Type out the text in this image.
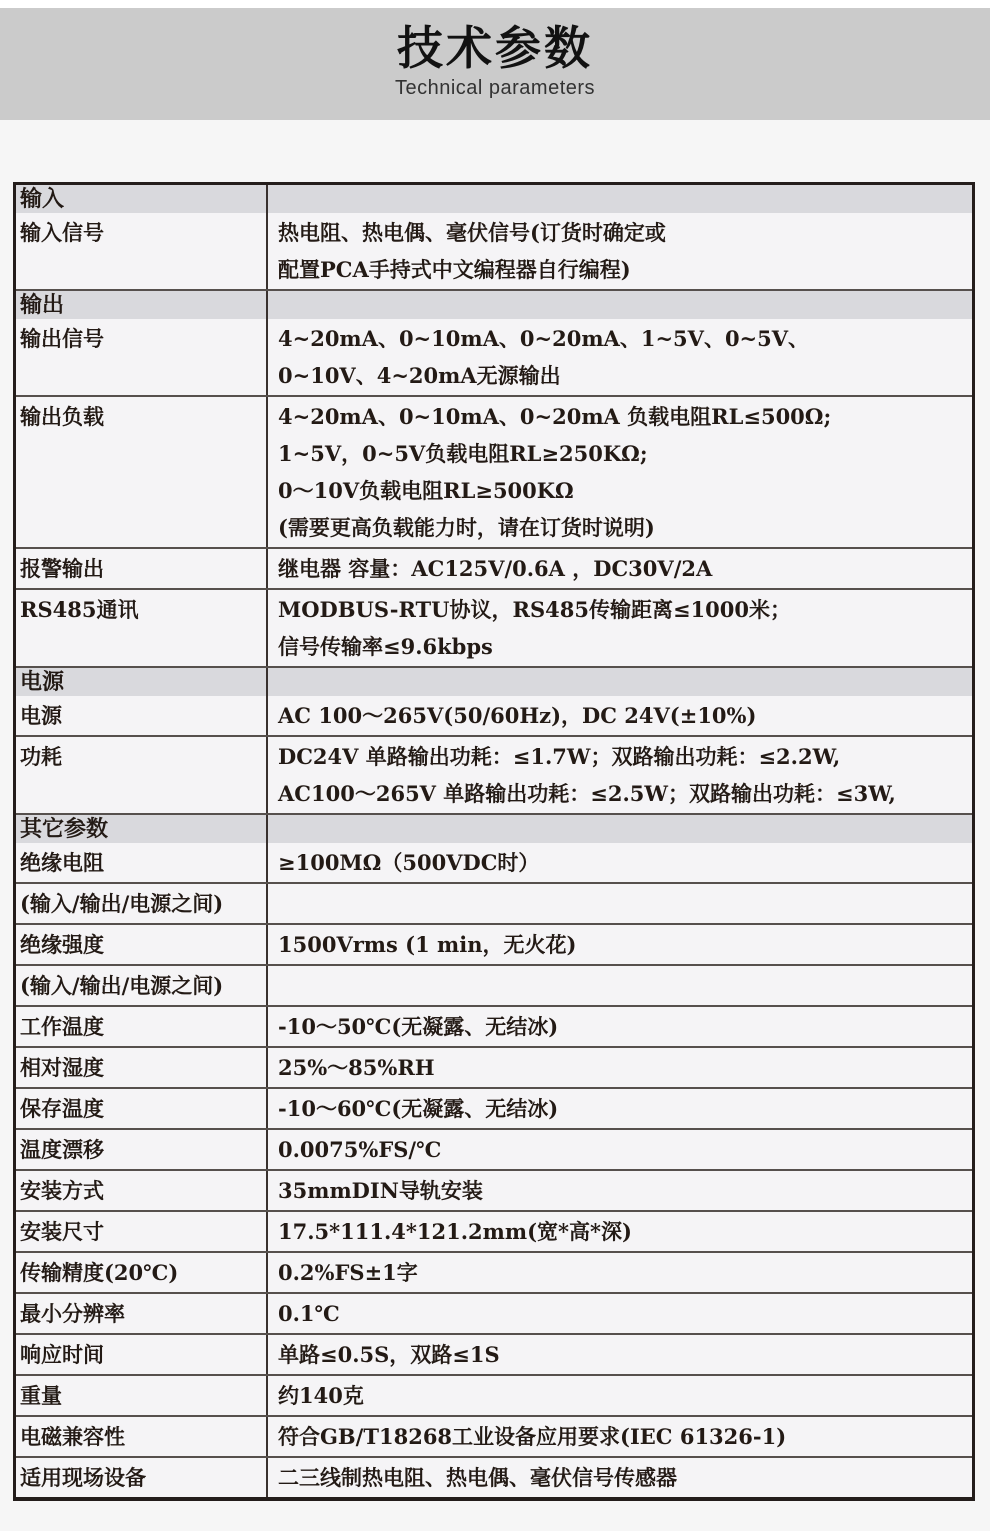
技术参数
Technical parameters
输入
输入信号	热电阻、热电偶、毫伏信号(订货时确定或
配置PCA手持式中文编程器自行编程)
输出
输出信号	4~20mA、0~10mA、0~20mA、1~5V、0~5V、
0~10V、4~20mA无源输出
输出负载	4~20mA、0~10mA、0~20mA 负载电阻RL≤500Ω;
1~5V，0~5V负载电阻RL≥250KΩ;
0～10V负载电阻RL≥500KΩ
(需要更高负载能力时，请在订货时说明)
报警输出	继电器 容量：AC125V/0.6A ，DC30V/2A
RS485通讯	MODBUS-RTU协议，RS485传输距离≤1000米；
信号传输率≤9.6kbps
电源
电源	AC 100～265V(50/60Hz)，DC 24V(±10%)
功耗	DC24V 单路输出功耗：≤1.7W；双路输出功耗：≤2.2W,
AC100～265V 单路输出功耗：≤2.5W；双路输出功耗：≤3W,
其它参数
绝缘电阻	≥100MΩ（500VDC时）
(输入/输出/电源之间)
绝缘强度	1500Vrms (1 min，无火花)
(输入/输出/电源之间)
工作温度	-10～50℃(无凝露、无结冰)
相对湿度	25%～85%RH
保存温度	-10～60℃(无凝露、无结冰)
温度漂移	0.0075%FS/℃
安装方式	35mmDIN导轨安装
安装尺寸	17.5*111.4*121.2mm(宽*高*深)
传输精度(20℃)	0.2%FS±1字
最小分辨率	0.1℃
响应时间	单路≤0.5S，双路≤1S
重量	约140克
电磁兼容性	符合GB/T18268工业设备应用要求(IEC 61326-1)
适用现场设备	二三线制热电阻、热电偶、毫伏信号传感器
